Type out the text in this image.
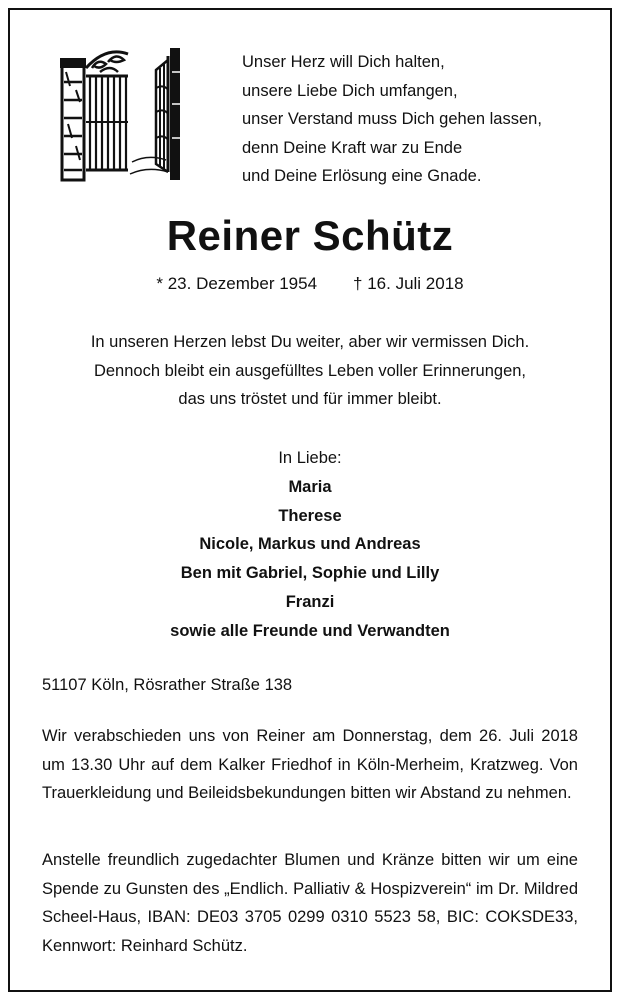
Unser Herz will Dich halten,
unsere Liebe Dich umfangen,
unser Verstand muss Dich gehen lassen,
denn Deine Kraft war zu Ende
und Deine Erlösung eine Gnade.
Reiner Schütz
* 23. Dezember 1954 † 16. Juli 2018
In unseren Herzen lebst Du weiter, aber wir vermissen Dich.
Dennoch bleibt ein ausgefülltes Leben voller Erinnerungen,
das uns tröstet und für immer bleibt.
In Liebe:
Maria
Therese
Nicole, Markus und Andreas
Ben mit Gabriel, Sophie und Lilly
Franzi
sowie alle Freunde und Verwandten
51107 Köln, Rösrather Straße 138
Wir verabschieden uns von Reiner am Donnerstag, dem 26. Juli 2018 um 13.30 Uhr auf dem Kalker Friedhof in Köln-Merheim, Kratzweg. Von Trauerkleidung und Beileidsbekundungen bitten wir Abstand zu nehmen.
Anstelle freundlich zugedachter Blumen und Kränze bitten wir um eine Spende zu Gunsten des „Endlich. Palliativ & Hospizverein“ im Dr. Mildred Scheel-Haus, IBAN: DE03 3705 0299 0310 5523 58, BIC: COKSDE33, Kennwort: Reinhard Schütz.
